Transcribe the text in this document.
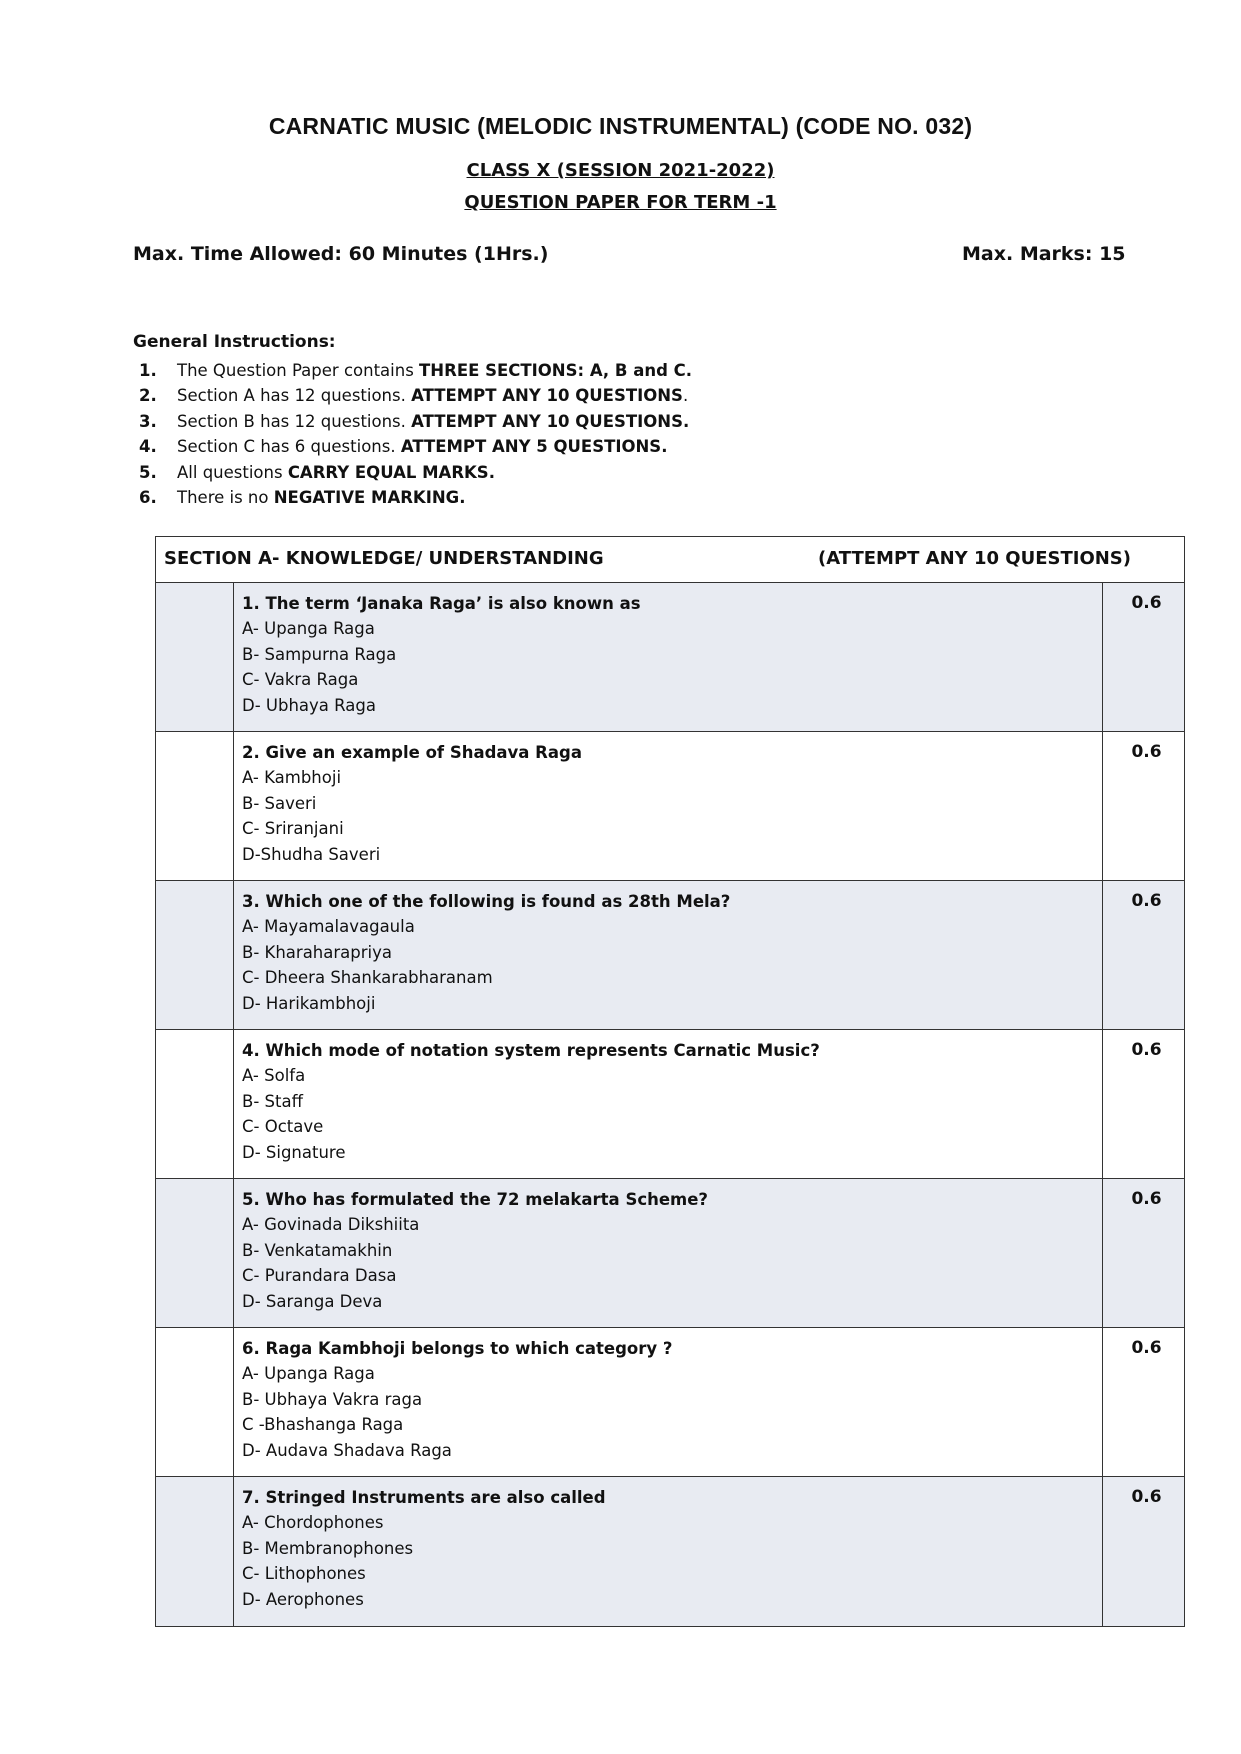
CARNATIC MUSIC (MELODIC INSTRUMENTAL) (CODE NO. 032)
CLASS X (SESSION 2021-2022)
QUESTION PAPER FOR TERM -1
Max. Time Allowed: 60 Minutes (1Hrs.)	Max. Marks: 15
General Instructions:
1. The Question Paper contains THREE SECTIONS: A, B and C.
2. Section A has 12 questions. ATTEMPT ANY 10 QUESTIONS.
3. Section B has 12 questions. ATTEMPT ANY 10 QUESTIONS.
4. Section C has 6 questions. ATTEMPT ANY 5 QUESTIONS.
5. All questions CARRY EQUAL MARKS.
6. There is no NEGATIVE MARKING.
SECTION A- KNOWLEDGE/ UNDERSTANDING	(ATTEMPT ANY 10 QUESTIONS)
1. The term ‘Janaka Raga’ is also known as
A- Upanga Raga
B- Sampurna Raga
C- Vakra Raga
D- Ubhaya Raga
0.6
2. Give an example of Shadava Raga
A- Kambhoji
B- Saveri
C- Sriranjani
D-Shudha Saveri
0.6
3. Which one of the following is found as 28th Mela?
A- Mayamalavagaula
B- Kharaharapriya
C- Dheera Shankarabharanam
D- Harikambhoji
0.6
4. Which mode of notation system represents Carnatic Music?
A- Solfa
B- Staff
C- Octave
D- Signature
0.6
5. Who has formulated the 72 melakarta Scheme?
A- Govinada Dikshiita
B- Venkatamakhin
C- Purandara Dasa
D- Saranga Deva
0.6
6. Raga Kambhoji belongs to which category ?
A- Upanga Raga
B- Ubhaya Vakra raga
C -Bhashanga Raga
D- Audava Shadava Raga
0.6
7. Stringed Instruments are also called
A- Chordophones
B- Membranophones
C- Lithophones
D- Aerophones
0.6
